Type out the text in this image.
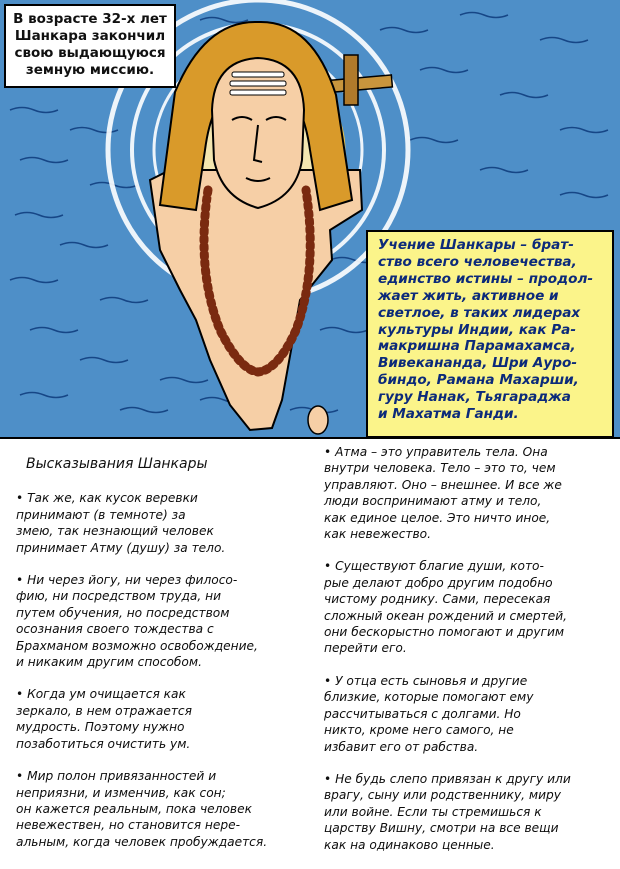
В возрасте 32-х лет
Шанкара закончил
свою выдающуюся
земную миссию.
Учение Шанкары – брат-
ство всего человечества,
единство истины – продол-
жает жить, активное и
светлое, в таких лидерах
культуры Индии, как Ра-
макришна Парамахамса,
Вивекананда, Шри Ауро-
биндо, Рамана Махарши,
гуру Нанак, Тьягараджа
и Махатма Ганди.
Высказывания Шанкары
• Так же, как кусок веревки
принимают (в темноте) за
змею, так незнающий человек
принимает Атму (душу) за тело.
• Ни через йогу, ни через филосо-
фию, ни посредством труда, ни
путем обучения, но посредством
осознания своего тождества с
Брахманом возможно освобождение,
и никаким другим способом.
• Когда ум очищается как
зеркало, в нем отражается
мудрость. Поэтому нужно
позаботиться очистить ум.
• Мир полон привязанностей и
неприязни, и изменчив, как сон;
он кажется реальным, пока человек
невежествен, но становится нере-
альным, когда человек пробуждается.
• Атма – это управитель тела. Она
внутри человека. Тело – это то, чем
управляют. Оно – внешнее. И все же
люди воспринимают атму и тело,
как единое целое. Это ничто иное,
как невежество.
• Существуют благие души, кото-
рые делают добро другим подобно
чистому роднику. Сами, пересекая
сложный океан рождений и смертей,
они бескорыстно помогают и другим
перейти его.
• У отца есть сыновья и другие
близкие, которые помогают ему
рассчитываться с долгами. Но
никто, кроме него самого, не
избавит его от рабства.
• Не будь слепо привязан к другу или
врагу, сыну или родственнику, миру
или войне. Если ты стремишься к
царству Вишну, смотри на все вещи
как на одинаково ценные.
